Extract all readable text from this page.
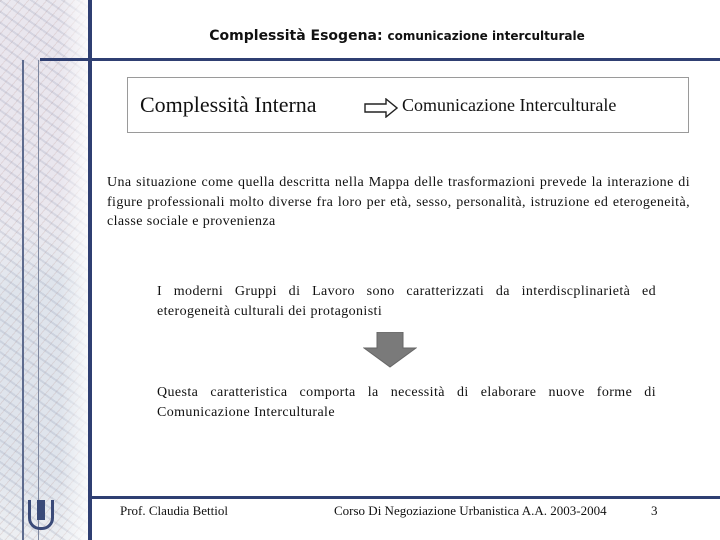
Complessità Esogena: comunicazione interculturale
Complessità Interna	Comunicazione Interculturale
Una situazione come quella descritta nella Mappa delle trasformazioni prevede la interazione di figure professionali molto diverse fra loro per età, sesso, personalità, istruzione ed eterogeneità, classe sociale e provenienza
I moderni Gruppi di Lavoro sono caratterizzati da interdiscplinarietà ed eterogeneità culturali dei protagonisti
Questa caratteristica comporta la necessità di elaborare nuove forme di Comunicazione Interculturale
Prof. Claudia Bettiol	Corso Di Negoziazione Urbanistica A.A. 2003-2004	3
